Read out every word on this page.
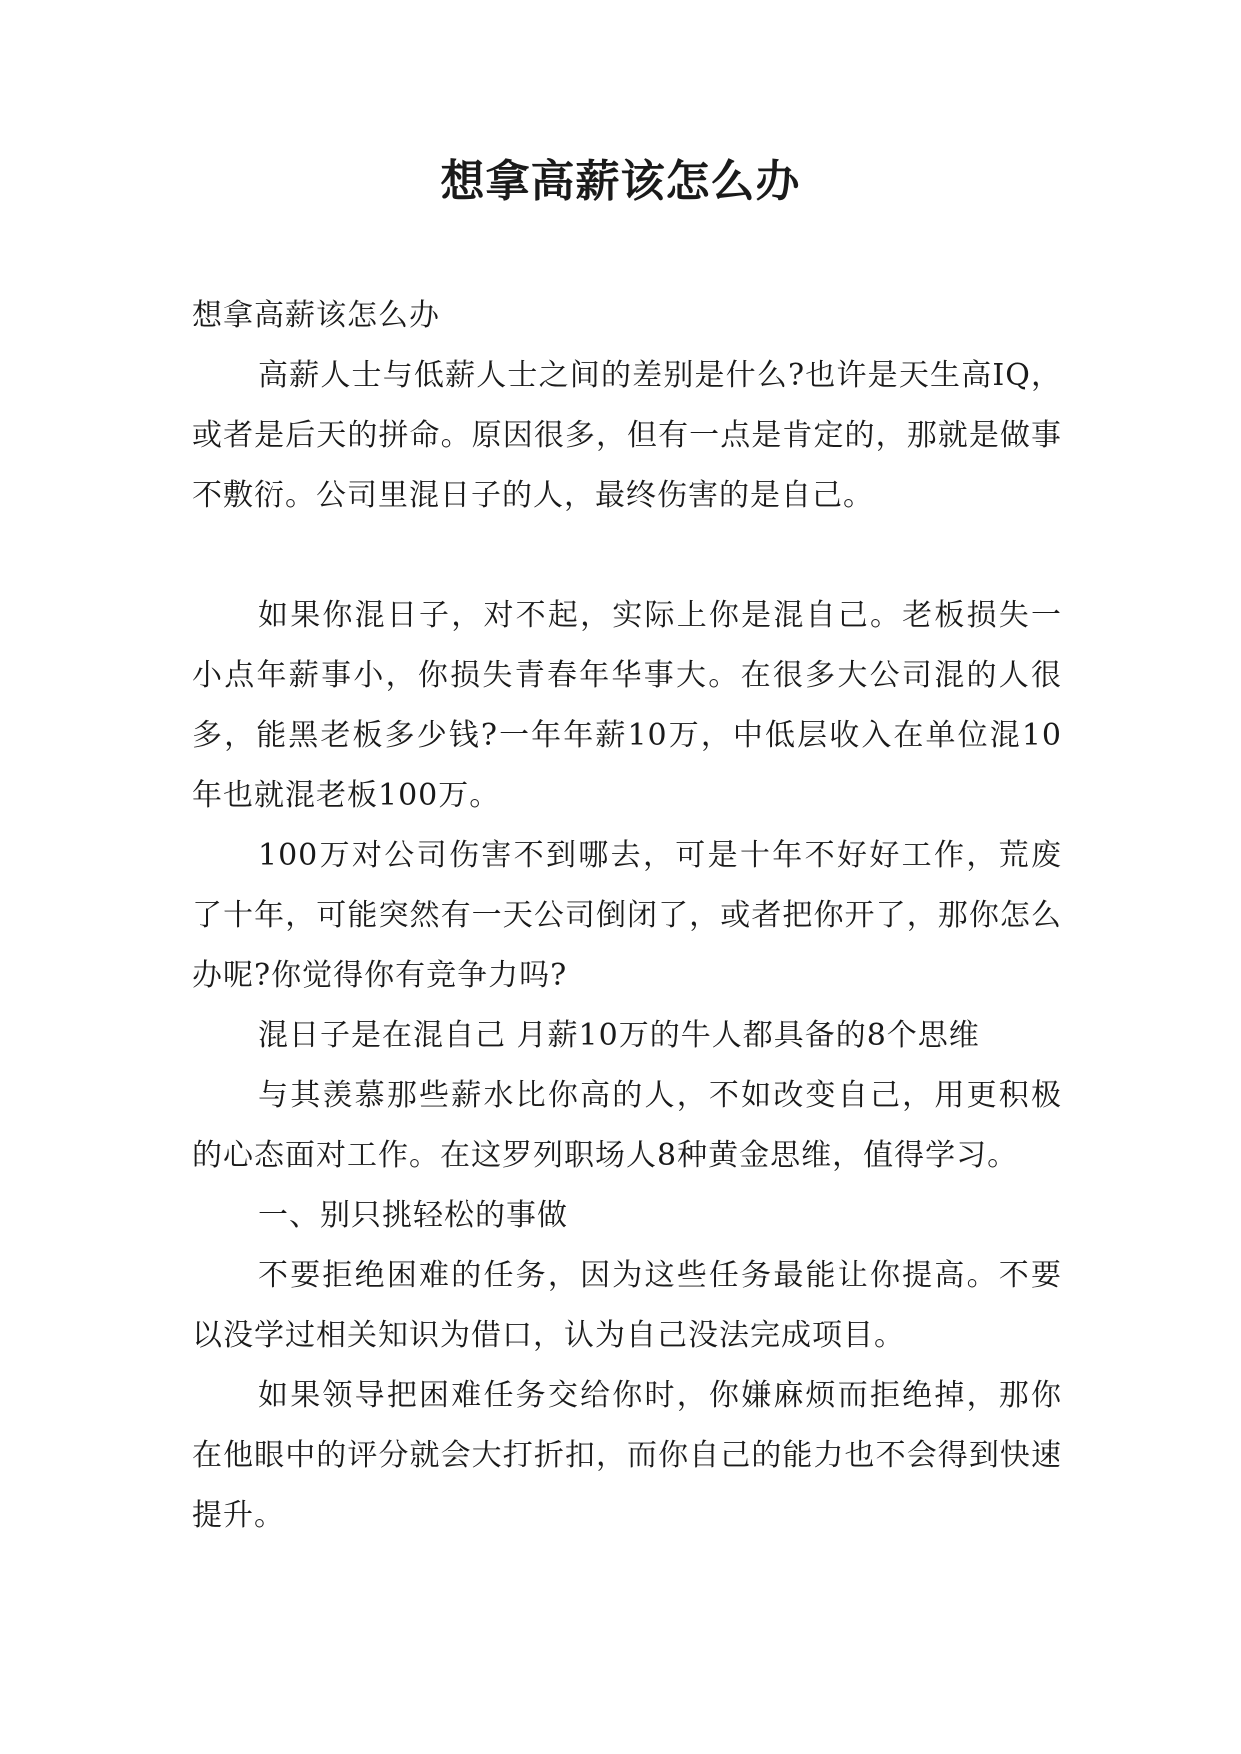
想拿高薪该怎么办

想拿高薪该怎么办

高薪人士与低薪人士之间的差别是什么?也许是天生高IQ，或者是后天的拼命。原因很多，但有一点是肯定的，那就是做事不敷衍。公司里混日子的人，最终伤害的是自己。

如果你混日子，对不起，实际上你是混自己。老板损失一小点年薪事小，你损失青春年华事大。在很多大公司混的人很多，能黑老板多少钱?一年年薪10万，中低层收入在单位混10年也就混老板100万。

100万对公司伤害不到哪去，可是十年不好好工作，荒废了十年，可能突然有一天公司倒闭了，或者把你开了，那你怎么办呢?你觉得你有竞争力吗?

混日子是在混自己 月薪10万的牛人都具备的8个思维

与其羡慕那些薪水比你高的人，不如改变自己，用更积极的心态面对工作。在这罗列职场人8种黄金思维，值得学习。

一、别只挑轻松的事做

不要拒绝困难的任务，因为这些任务最能让你提高。不要以没学过相关知识为借口，认为自己没法完成项目。

如果领导把困难任务交给你时，你嫌麻烦而拒绝掉，那你在他眼中的评分就会大打折扣，而你自己的能力也不会得到快速提升。
